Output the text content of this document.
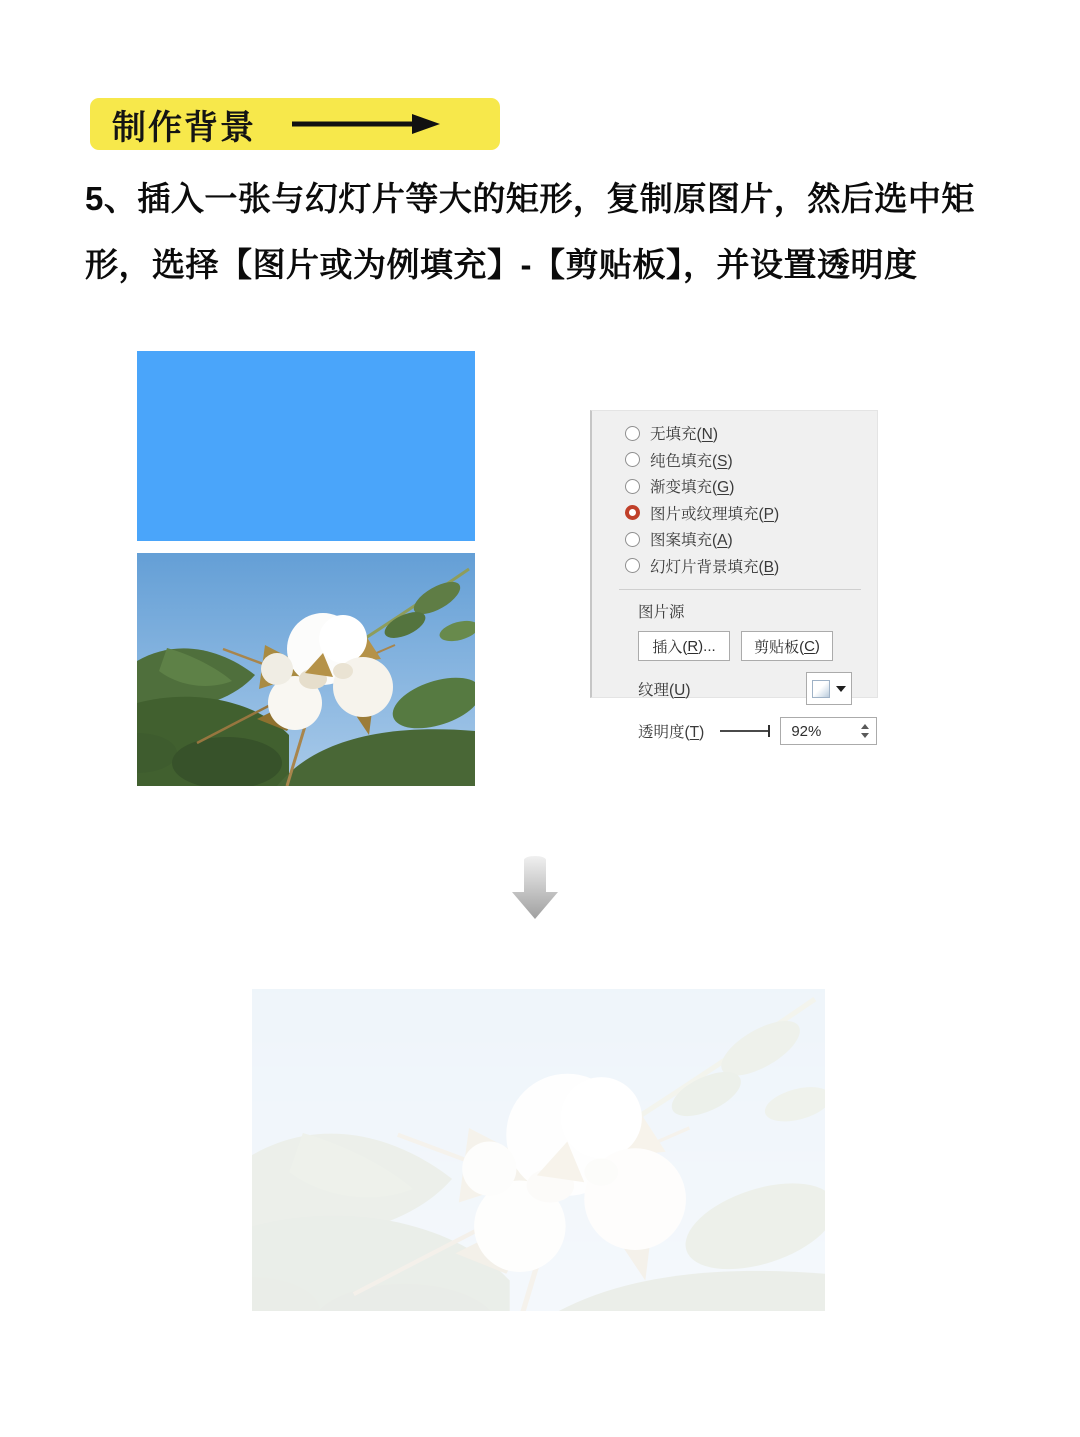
制作背景

5、插入一张与幻灯片等大的矩形，复制原图片，然后选中矩

形，选择【图片或为例填充】-【剪贴板】，并设置透明度

无填充(N)
纯色填充(S)
渐变填充(G)
图片或纹理填充(P)
图案填充(A)
幻灯片背景填充(B)
图片源
插入( R )...	剪贴板( C )
纹理(U)
透明度(T)	92%
